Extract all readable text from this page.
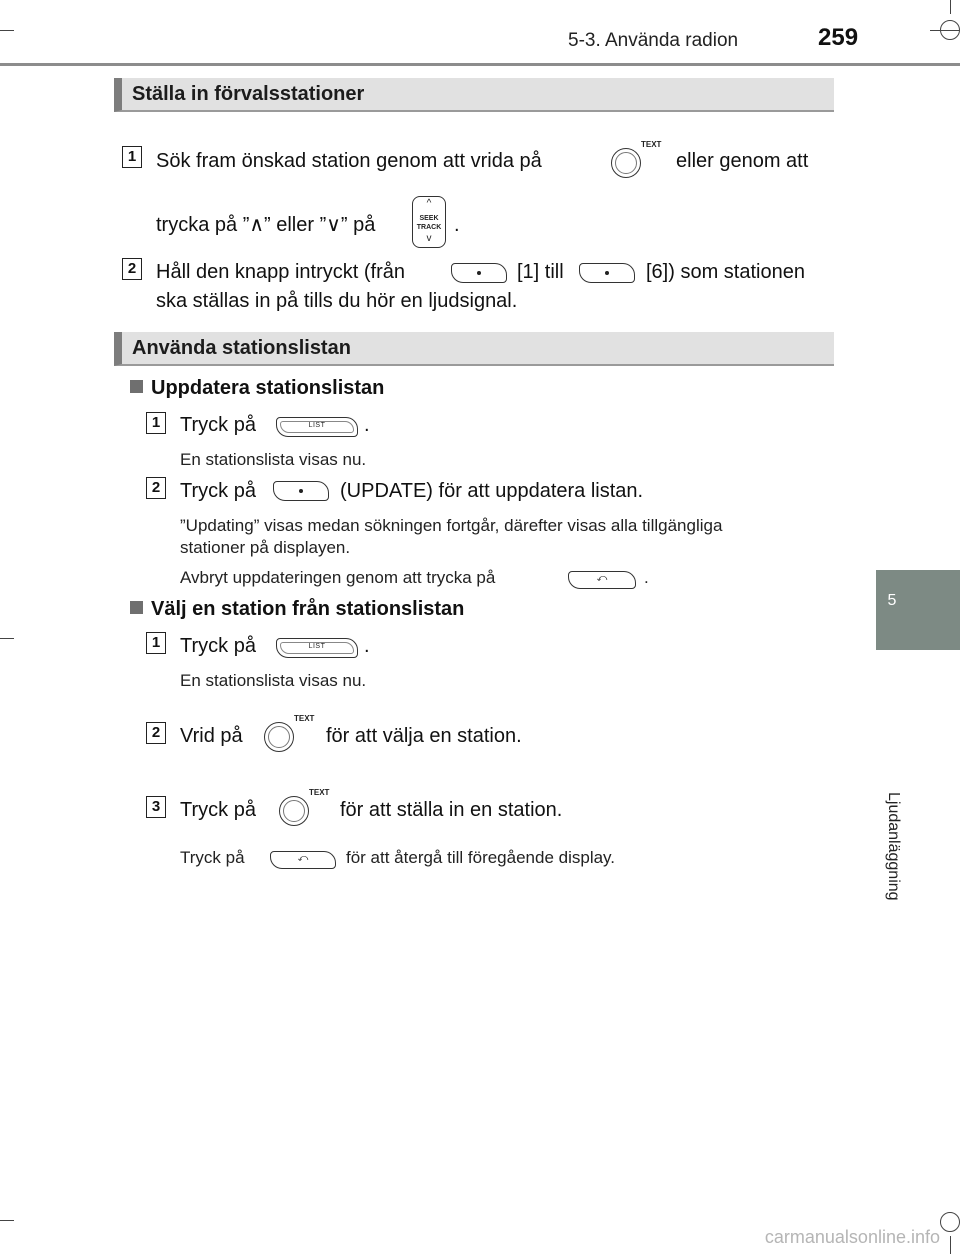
5-3. Använda radion	259
5
Ljudanläggning
Ställa in förvalsstationer
1 Sök fram önskad station genom att vrida på
TEXT
eller genom att
trycka på ”∧” eller ”∨” på
^
SEEK
TRACK
v
.
2 Håll den knapp intryckt (från	[1] till	[6]) som stationen
ska ställas in på tills du hör en ljudsignal.
Använda stationslistan
Uppdatera stationslistan
1 Tryck på	LIST	.
En stationslista visas nu.
2 Tryck på	(UPDATE) för att uppdatera listan.
”Updating” visas medan sökningen fortgår, därefter visas alla tillgängliga
stationer på displayen.
Avbryt uppdateringen genom att trycka på	⤺	.
Välj en station från stationslistan
1 Tryck på	LIST	.
En stationslista visas nu.
2 Vrid på
TEXT
för att välja en station.
3 Tryck på
TEXT
för att ställa in en station.
Tryck på	⤺	för att återgå till föregående display.
carmanualsonline.info
